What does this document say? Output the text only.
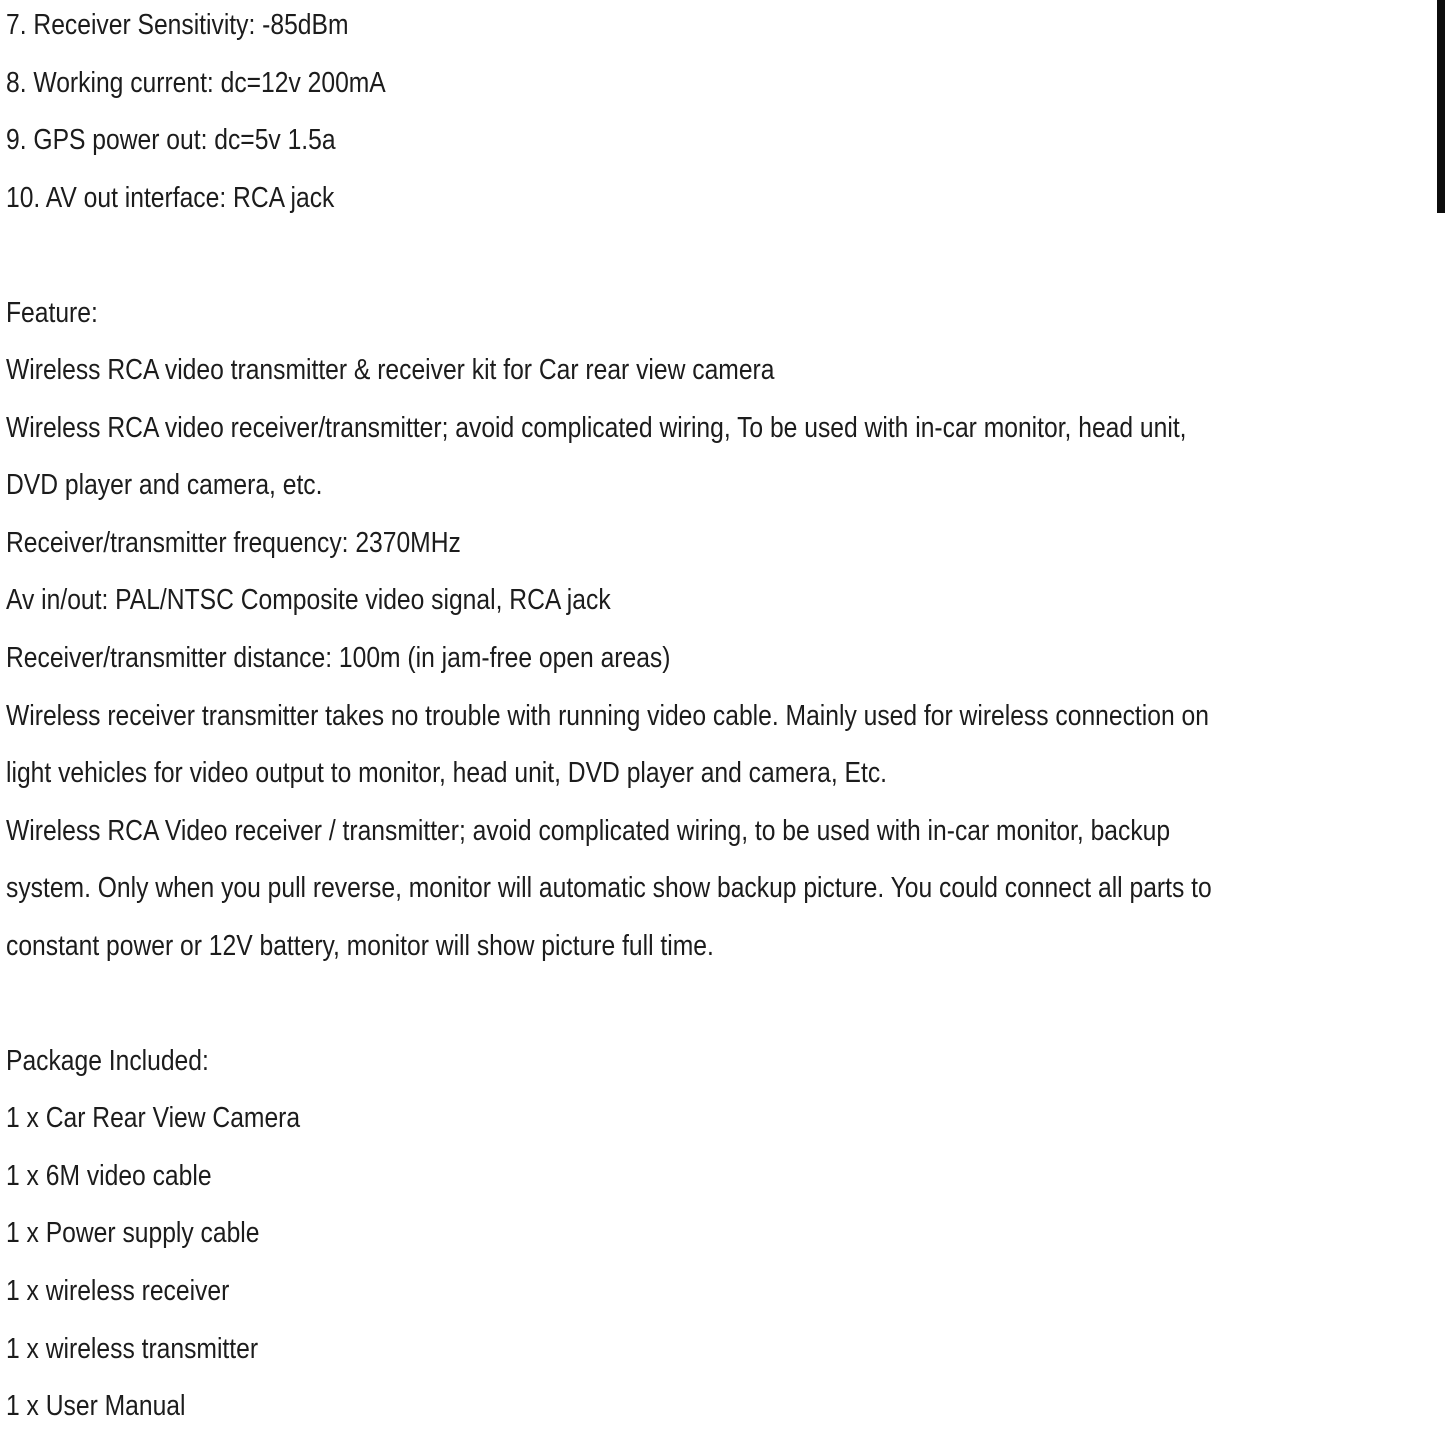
7. Receiver Sensitivity: -85dBm
8. Working current: dc=12v 200mA
9. GPS power out: dc=5v 1.5a
10. AV out interface: RCA jack

Feature:
Wireless RCA video transmitter & receiver kit for Car rear view camera
Wireless RCA video receiver/transmitter; avoid complicated wiring, To be used with in-car monitor, head unit,
DVD player and camera, etc.
Receiver/transmitter frequency: 2370MHz
Av in/out: PAL/NTSC Composite video signal, RCA jack
Receiver/transmitter distance: 100m (in jam-free open areas)
Wireless receiver transmitter takes no trouble with running video cable. Mainly used for wireless connection on
light vehicles for video output to monitor, head unit, DVD player and camera, Etc.
Wireless RCA Video receiver / transmitter; avoid complicated wiring, to be used with in-car monitor, backup
system. Only when you pull reverse, monitor will automatic show backup picture. You could connect all parts to
constant power or 12V battery, monitor will show picture full time.

Package Included:
1 x Car Rear View Camera
1 x 6M video cable
1 x Power supply cable
1 x wireless receiver
1 x wireless transmitter
1 x User Manual
